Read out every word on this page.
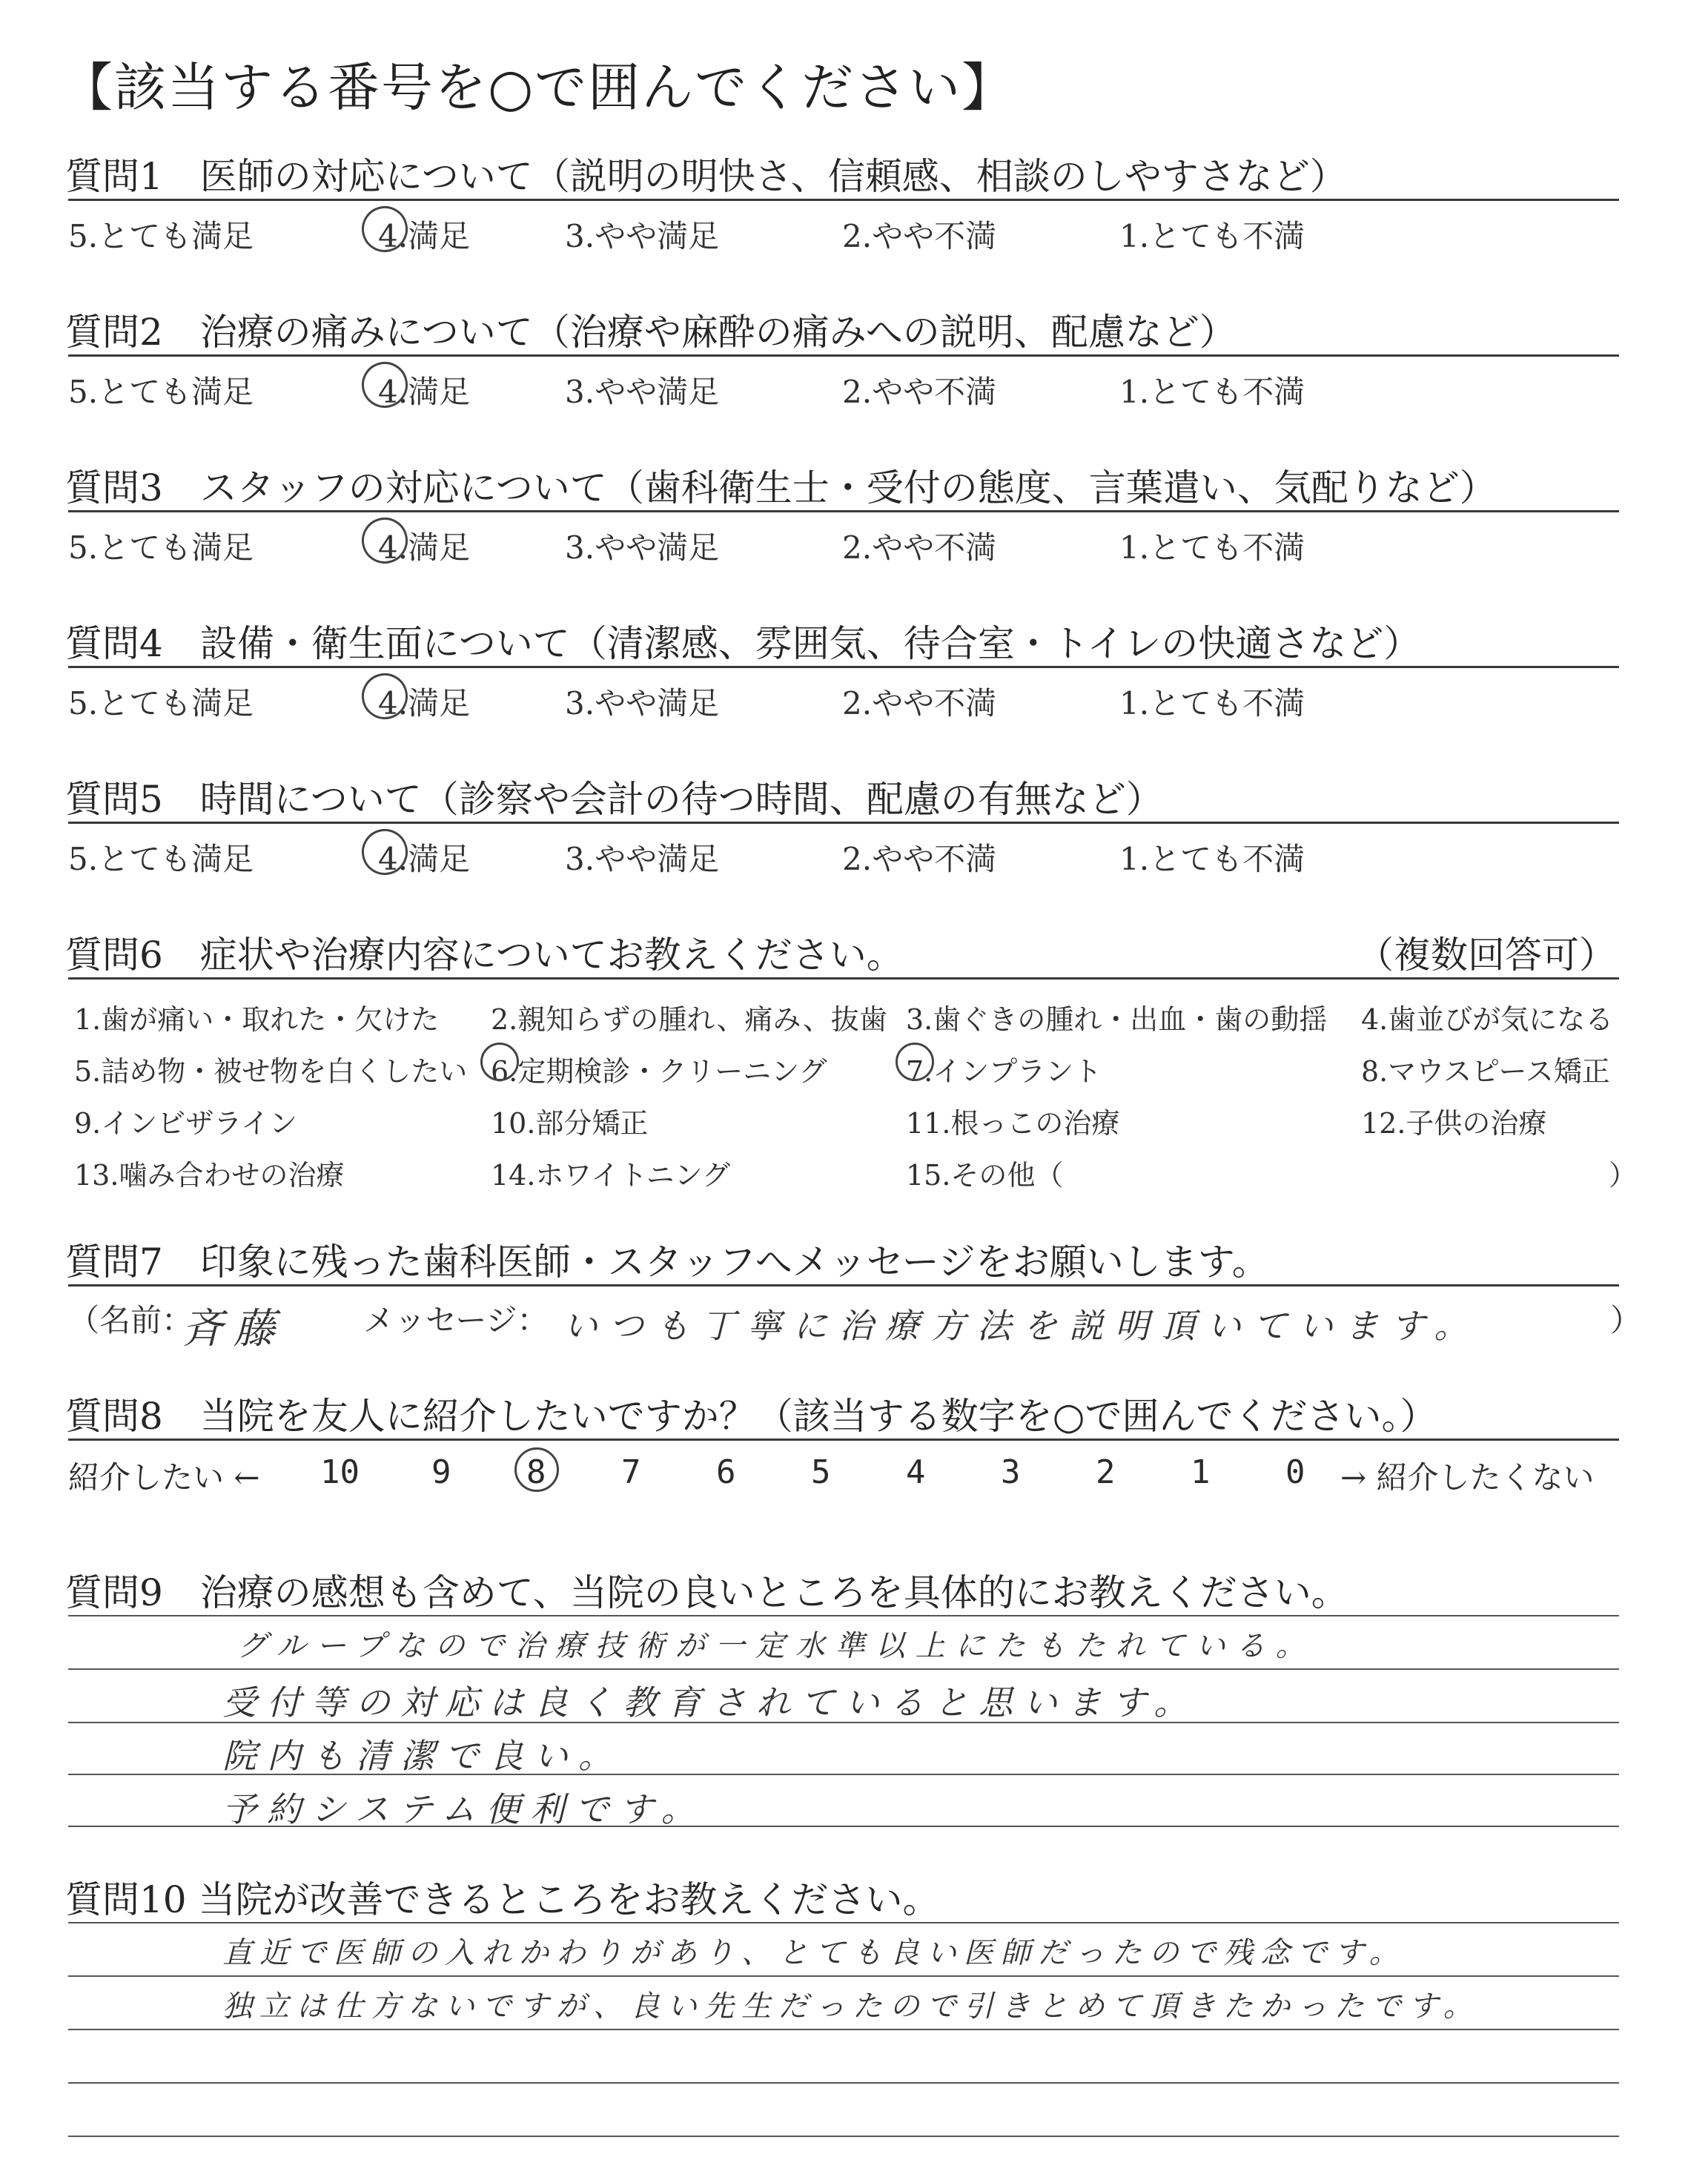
【該当する番号を○で囲んでください】
質問6　症状や治療内容についてお教えください。	（複数回答可）
質問7　印象に残った歯科医師・スタッフへメッセージをお願いします。
（名前：
斉藤	メッセージ： いつも丁寧に治療方法を説明頂いています。	）
質問8　当院を友人に紹介したいですか？（該当する数字を○で囲んでください。）
紹介したい ←	→ 紹介したくない
質問9　治療の感想も含めて、当院の良いところを具体的にお教えください。
質問10 当院が改善できるところをお教えください。
質問1　医師の対応について（説明の明快さ、信頼感、相談のしやすさなど）
5.とても満足	4.満足	3.やや満足	2.やや不満	1.とても不満
質問2　治療の痛みについて（治療や麻酔の痛みへの説明、配慮など）
5.とても満足	4.満足	3.やや満足	2.やや不満	1.とても不満
質問3　スタッフの対応について（歯科衛生士・受付の態度、言葉遣い、気配りなど）
5.とても満足	4.満足	3.やや満足	2.やや不満	1.とても不満
質問4　設備・衛生面について（清潔感、雰囲気、待合室・トイレの快適さなど）
5.とても満足	4.満足	3.やや満足	2.やや不満	1.とても不満
質問5　時間について（診察や会計の待つ時間、配慮の有無など）
5.とても満足	4.満足	3.やや満足	2.やや不満	1.とても不満
1.歯が痛い・取れた・欠けた 2.親知らずの腫れ、痛み、抜歯 3.歯ぐきの腫れ・出血・歯の動揺 4.歯並びが気になる
5.詰め物・被せ物を白くしたい 6.定期検診・クリーニング	7.インプラント	8.マウスピース矯正
9.インビザライン	10.部分矯正	11.根っこの治療	12.子供の治療
13.噛み合わせの治療	14.ホワイトニング	15.その他（	）
10 9 8 7 6 5 4 3 2 1 0
グループなので治療技術が一定水準以上にたもたれている。
受付等の対応は良く教育されていると思います。
院内も清潔で良い。
予約システム便利です。
直近で医師の入れかわりがあり、とても良い医師だったので残念です。
独立は仕方ないですが、良い先生だったので引きとめて頂きたかったです。
